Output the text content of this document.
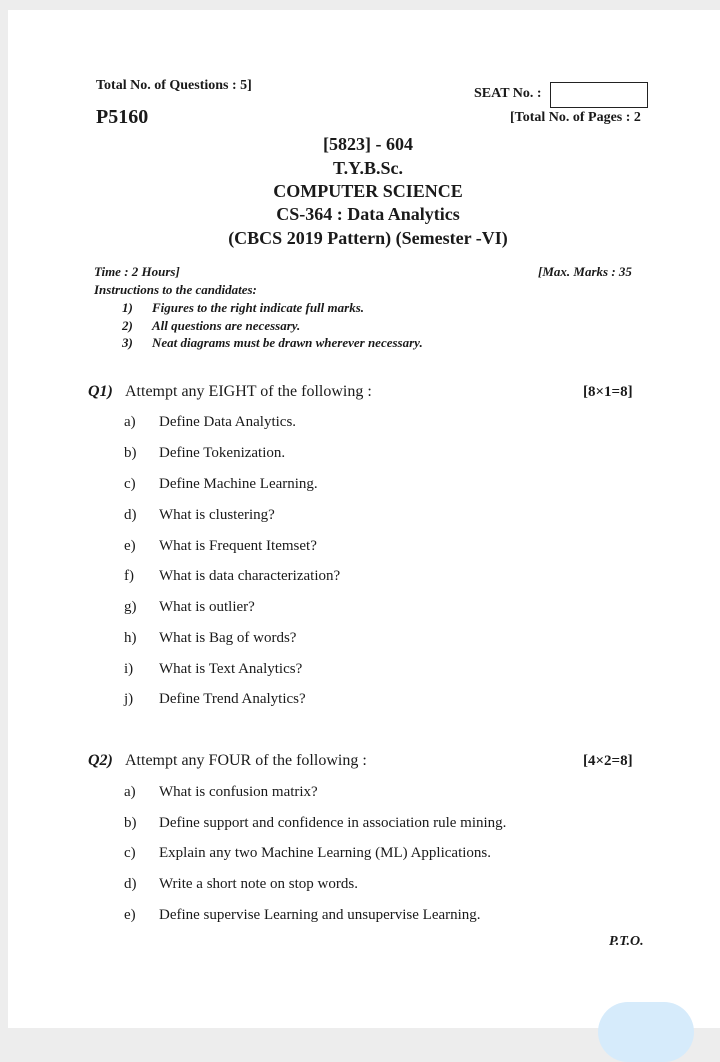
Total No. of Questions : 5]
SEAT No. :
P5160	[Total No. of Pages : 2
[5823] - 604
T.Y.B.Sc.
COMPUTER SCIENCE
CS-364 : Data Analytics
(CBCS 2019 Pattern) (Semester -VI)
Time : 2 Hours]	[Max. Marks : 35
Instructions to the candidates:
1) Figures to the right indicate full marks.
2) All questions are necessary.
3) Neat diagrams must be drawn wherever necessary.
Q1) Attempt any EIGHT of the following :	[8×1=8]
a) Define Data Analytics.
b) Define Tokenization.
c) Define Machine Learning.
d) What is clustering?
e) What is Frequent Itemset?
f) What is data characterization?
g) What is outlier?
h) What is Bag of words?
i) What is Text Analytics?
j) Define Trend Analytics?
Q2) Attempt any FOUR of the following :	[4×2=8]
a) What is confusion matrix?
b) Define support and confidence in association rule mining.
c) Explain any two Machine Learning (ML) Applications.
d) Write a short note on stop words.
e) Define supervise Learning and unsupervise Learning.
P.T.O.
